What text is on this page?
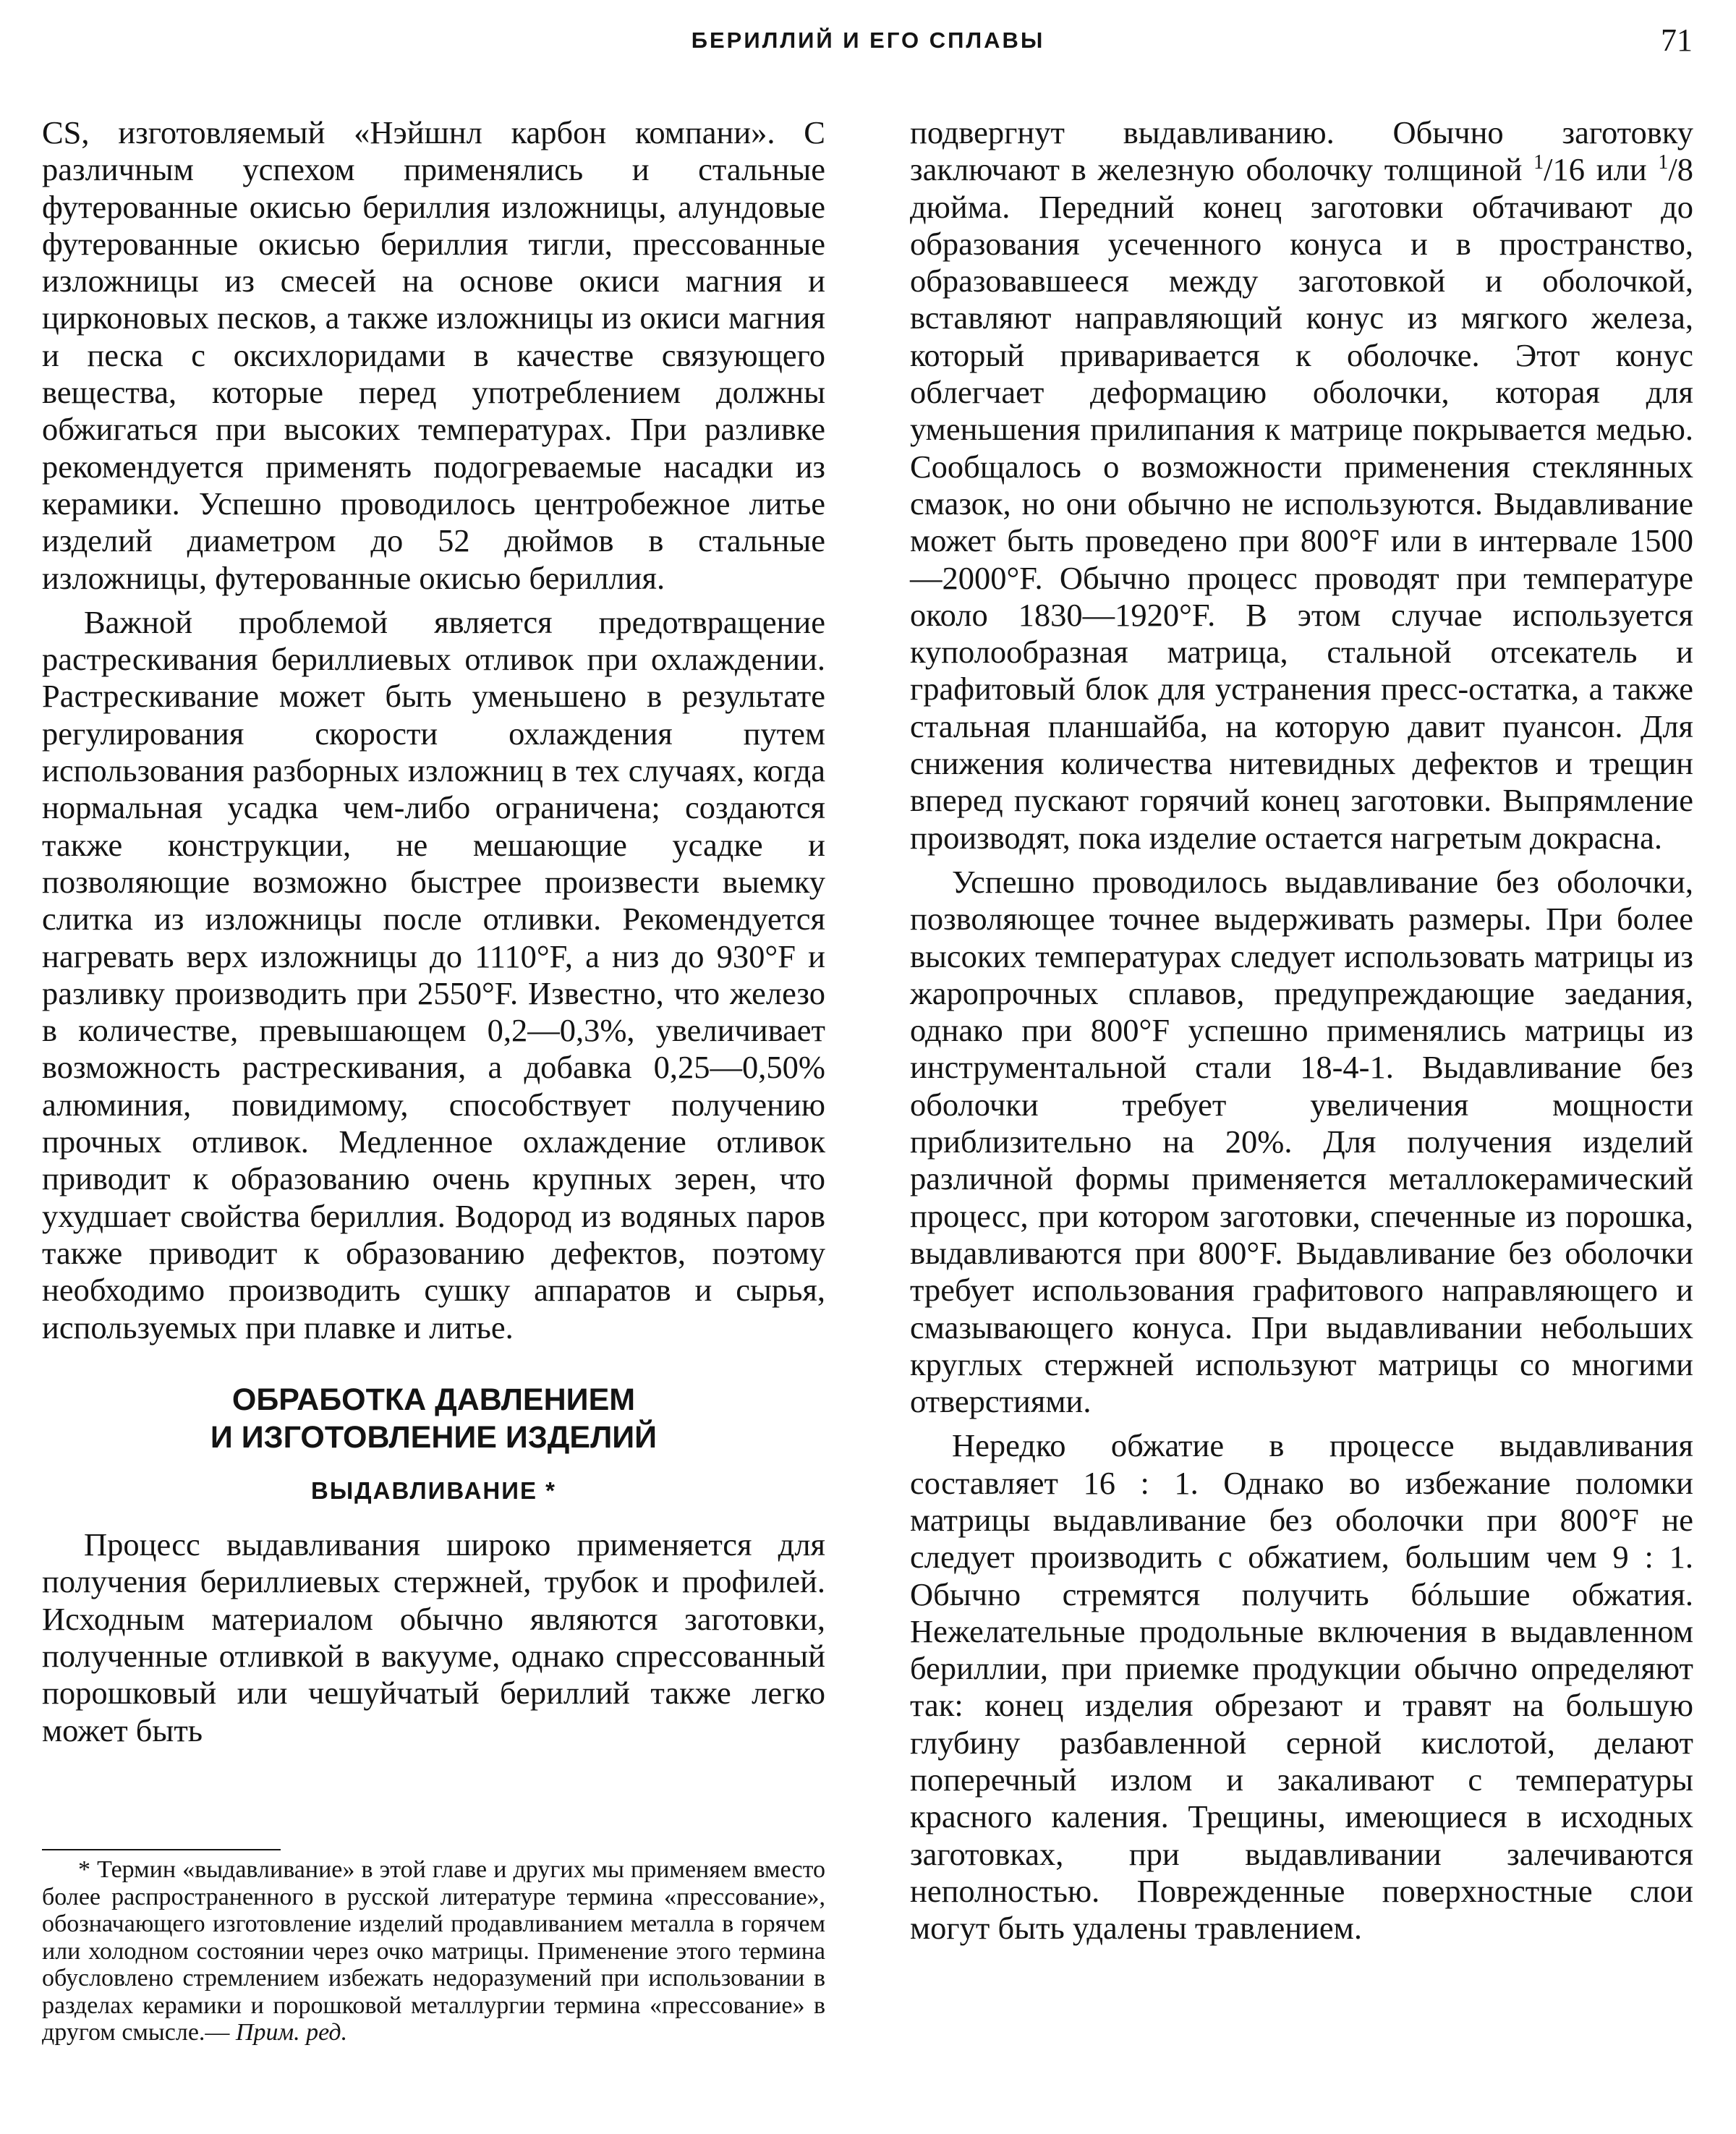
БЕРИЛЛИЙ И ЕГО СПЛАВЫ	71

CS, изготовляемый «Нэйшнл карбон компани». С различным успехом применялись и стальные футерованные окисью бериллия изложницы, алундовые футерованные окисью бериллия тигли, прессованные изложницы из смесей на основе окиси магния и цирконовых песков, а также изложницы из окиси магния и песка с оксихлоридами в качестве связующего вещества, которые перед употреблением должны обжигаться при высоких температурах. При разливке рекомендуется применять подогреваемые насадки из керамики. Успешно проводилось центробежное литье изделий диаметром до 52 дюймов в стальные изложницы, футерованные окисью бериллия.

Важной проблемой является предотвращение растрескивания бериллиевых отливок при охлаждении. Растрескивание может быть уменьшено в результате регулирования скорости охлаждения путем использования разборных изложниц в тех случаях, когда нормальная усадка чем-либо ограничена; создаются также конструкции, не мешающие усадке и позволяющие возможно быстрее произвести выемку слитка из изложницы после отливки. Рекомендуется нагревать верх изложницы до 1110°F, а низ до 930°F и разливку производить при 2550°F. Известно, что железо в количестве, превышающем 0,2—0,3%, увеличивает возможность растрескивания, а добавка 0,25—0,50% алюминия, повидимому, способствует получению прочных отливок. Медленное охлаждение отливок приводит к образованию очень крупных зерен, что ухудшает свойства бериллия. Водород из водяных паров также приводит к образованию дефектов, поэтому необходимо производить сушку аппаратов и сырья, используемых при плавке и литье.

ОБРАБОТКА ДАВЛЕНИЕМ
И ИЗГОТОВЛЕНИЕ ИЗДЕЛИЙ
ВЫДАВЛИВАНИЕ *

Процесс выдавливания широко применяется для получения бериллиевых стержней, трубок и профилей. Исходным материалом обычно являются заготовки, полученные отливкой в вакууме, однако спрессованный порошковый или чешуйчатый бериллий также легко может быть

* Термин «выдавливание» в этой главе и других мы применяем вместо более распространенного в русской литературе термина «прессование», обозначающего изготовление изделий продавливанием металла в горячем или холодном состоянии через очко матрицы. Применение этого термина обусловлено стремлением избежать недоразумений при использовании в разделах керамики и порошковой металлургии термина «прессование» в другом смысле.— Прим. ред.

подвергнут выдавливанию. Обычно заготовку заключают в железную оболочку толщиной $^1$/16 или $^1$/8 дюйма. Передний конец заготовки обтачивают до образования усеченного конуса и в пространство, образовавшееся между заготовкой и оболочкой, вставляют направляющий конус из мягкого железа, который приваривается к оболочке. Этот конус облегчает деформацию оболочки, которая для уменьшения прилипания к матрице покрывается медью. Сообщалось о возможности применения стеклянных смазок, но они обычно не используются. Выдавливание может быть проведено при 800°F или в интервале 1500—2000°F. Обычно процесс проводят при температуре около 1830—1920°F. В этом случае используется куполообразная матрица, стальной отсекатель и графитовый блок для устранения пресс-остатка, а также стальная планшайба, на которую давит пуансон. Для снижения количества нитевидных дефектов и трещин вперед пускают горячий конец заготовки. Выпрямление производят, пока изделие остается нагретым докрасна.

Успешно проводилось выдавливание без оболочки, позволяющее точнее выдерживать размеры. При более высоких температурах следует использовать матрицы из жаропрочных сплавов, предупреждающие заедания, однако при 800°F успешно применялись матрицы из инструментальной стали 18-4-1. Выдавливание без оболочки требует увеличения мощности приблизительно на 20%. Для получения изделий различной формы применяется металлокерамический процесс, при котором заготовки, спеченные из порошка, выдавливаются при 800°F. Выдавливание без оболочки требует использования графитового направляющего и смазывающего конуса. При выдавливании небольших круглых стержней используют матрицы со многими отверстиями.

Нередко обжатие в процессе выдавливания составляет 16 : 1. Однако во избежание поломки матрицы выдавливание без оболочки при 800°F не следует производить с обжатием, большим чем 9 : 1. Обычно стремятся получить бóльшие обжатия. Нежелательные продольные включения в выдавленном бериллии, при приемке продукции обычно определяют так: конец изделия обрезают и травят на большую глубину разбавленной серной кислотой, делают поперечный излом и закаливают с температуры красного каления. Трещины, имеющиеся в исходных заготовках, при выдавливании залечиваются неполностью. Поврежденные поверхностные слои могут быть удалены травлением.
